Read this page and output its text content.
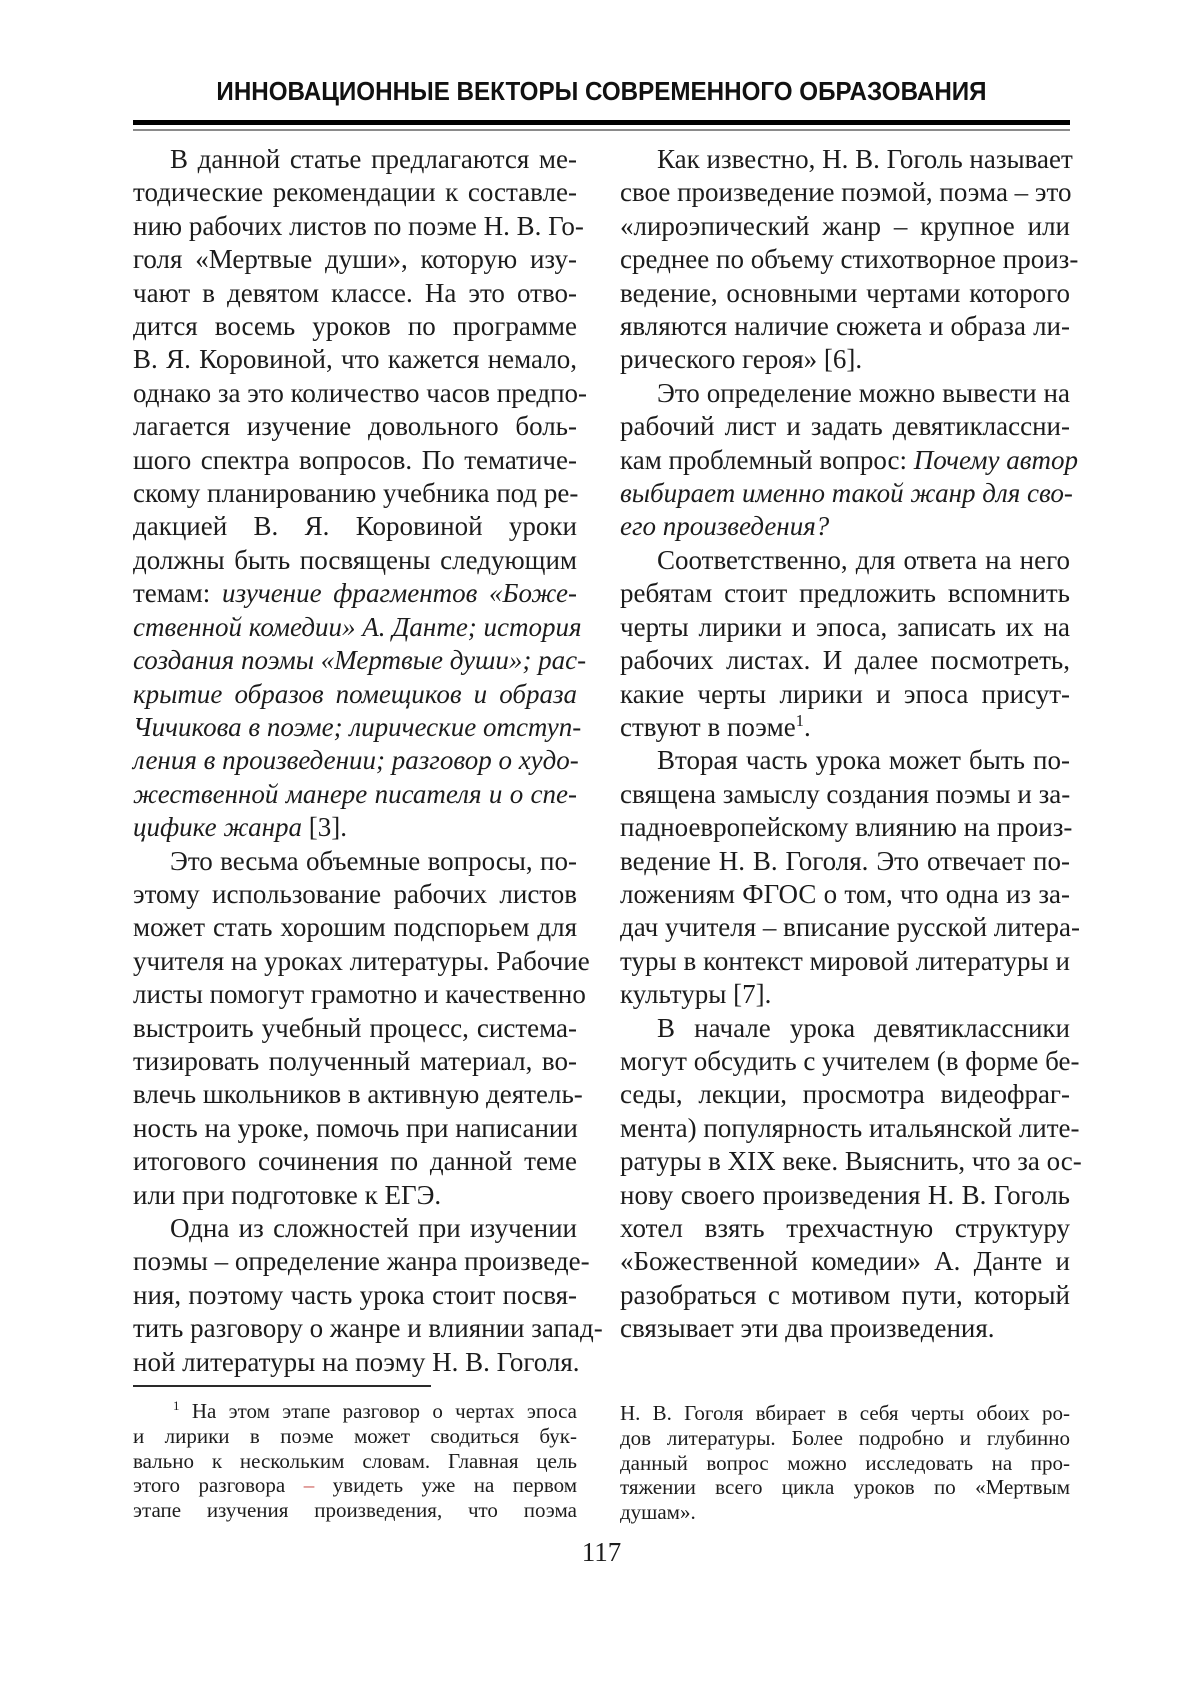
ИННОВАЦИОННЫЕ ВЕКТОРЫ СОВРЕМЕННОГО ОБРАЗОВАНИЯ
В данной статье предлагаются ме-
тодические рекомендации к составле-
нию рабочих листов по поэме Н. В. Го-
голя «Мертвые души», которую изу-
чают в девятом классе. На это отво-
дится восемь уроков по программе
В. Я. Коровиной, что кажется немало,
однако за это количество часов предпо-
лагается изучение довольного боль-
шого спектра вопросов. По тематиче-
скому планированию учебника под ре-
дакцией В. Я. Коровиной уроки
должны быть посвящены следующим
темам: изучение фрагментов «Боже-
ственной комедии» А. Данте; история
создания поэмы «Мертвые души»; рас-
крытие образов помещиков и образа
Чичикова в поэме; лирические отступ-
ления в произведении; разговор о худо-
жественной манере писателя и о спе-
цифике жанра [3].
Это весьма объемные вопросы, по-
этому использование рабочих листов
может стать хорошим подспорьем для
учителя на уроках литературы. Рабочие
листы помогут грамотно и качественно
выстроить учебный процесс, система-
тизировать полученный материал, во-
влечь школьников в активную деятель-
ность на уроке, помочь при написании
итогового сочинения по данной теме
или при подготовке к ЕГЭ.
Одна из сложностей при изучении
поэмы – определение жанра произведе-
ния, поэтому часть урока стоит посвя-
тить разговору о жанре и влиянии запад-
ной литературы на поэму Н. В. Гоголя.
Как известно, Н. В. Гоголь называет
свое произведение поэмой, поэма – это
«лироэпический жанр – крупное или
среднее по объему стихотворное произ-
ведение, основными чертами которого
являются наличие сюжета и образа ли-
рического героя» [6].
Это определение можно вывести на
рабочий лист и задать девятиклассни-
кам проблемный вопрос: Почему автор
выбирает именно такой жанр для сво-
его произведения?
Соответственно, для ответа на него
ребятам стоит предложить вспомнить
черты лирики и эпоса, записать их на
рабочих листах. И далее посмотреть,
какие черты лирики и эпоса присут-
ствуют в поэме$^1$.
Вторая часть урока может быть по-
священа замыслу создания поэмы и за-
падноевропейскому влиянию на произ-
ведение Н. В. Гоголя. Это отвечает по-
ложениям ФГОС о том, что одна из за-
дач учителя – вписание русской литера-
туры в контекст мировой литературы и
культуры [7].
В начале урока девятиклассники
могут обсудить с учителем (в форме бе-
седы, лекции, просмотра видеофраг-
мента) популярность итальянской лите-
ратуры в XIX веке. Выяснить, что за ос-
нову своего произведения Н. В. Гоголь
хотел взять трехчастную структуру
«Божественной комедии» А. Данте и
разобраться с мотивом пути, который
связывает эти два произведения.
$^1$ На этом этапе разговор о чертах эпоса
и лирики в поэме может сводиться бук-
вально к нескольким словам. Главная цель
этого разговора – увидеть уже на первом
этапе изучения произведения, что поэма
Н. В. Гоголя вбирает в себя черты обоих ро-
дов литературы. Более подробно и глубинно
данный вопрос можно исследовать на про-
тяжении всего цикла уроков по «Мертвым
душам».
117
